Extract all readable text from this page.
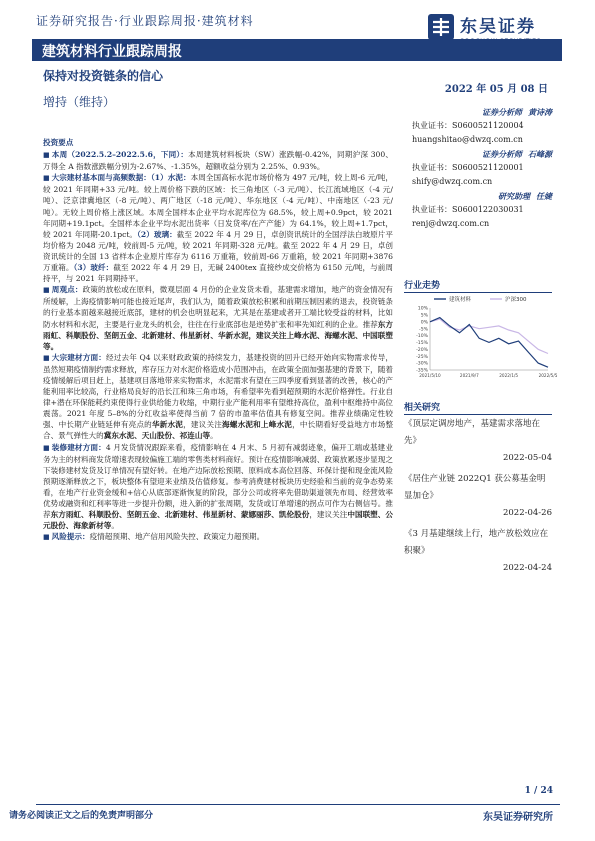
证券研究报告·行业跟踪周报·建筑材料	东吴证券
建筑材料行业跟踪周报
保持对投资链条的信心
增持（维持）
2022 年 05 月 08 日
证券分析师 黄诗涛
执业证书：S0600521120004
huangshitao@dwzq.com.cn
证券分析师 石峰源
执业证书：S0600521120001
shify@dwzq.com.cn
研究助理 任婕
执业证书：S0600122030031
renj@dwzq.com.cn
行业走势
建筑材料	沪深300
10%
5%
0%
-5%
-10%
-15%
-20%
-25%
-30%
-35%
2021/5/10	2021/9/7	2022/1/5	2022/5/5
相关研究
《顶层定调房地产，基建需求落地在先》
2022-05-04
《居住产业链 2022Q1 获公募基金明显加仓》
2022-04-26
《3 月基建继续上行，地产放松效应在积聚》
2022-04-24
投资要点
■ 本周（2022.5.2–2022.5.6，下同）：本周建筑材料板块（SW）涨跌幅-0.42%，同期沪深 300、万得全 A 指数涨跌幅分别为-2.67%、-1.35%，超额收益分别为 2.25%、0.93%。
■ 大宗建材基本面与高频数据：（1）水泥：本周全国高标水泥市场价格为 497 元/吨，较上周-6 元/吨，较 2021 年同期+33 元/吨。较上周价格下跌的区域：长三角地区（-3 元/吨）、长江流域地区（-4 元/吨）、泛京津冀地区（-8 元/吨）、两广地区（-18 元/吨）、华东地区（-4 元/吨）、中南地区（-23 元/吨）。无较上周价格上涨区域。本周全国样本企业平均水泥库位为 68.5%，较上周+0.9pct，较 2021 年同期+19.1pct。全国样本企业平均水泥出货率（日发货率/在产产能）为 64.1%，较上周+1.7pct，较 2021 年同期-20.1pct。（2）玻璃：截至 2022 年 4 月 29 日，卓创资讯统计的全国浮法白玻原片平均价格为 2048 元/吨，较前周-5 元/吨，较 2021 年同期-328 元/吨。截至 2022 年 4 月 29 日，卓创资讯统计的全国 13 省样本企业原片库存为 6116 万重箱，较前周-66 万重箱，较 2021 年同期+3876 万重箱。（3）玻纤：截至 2022 年 4 月 29 日，无碱 2400tex 直接纱成交价格为 6150 元/吨，与前周持平，与 2021 年同期持平。
■ 周观点：政策的放松或在原料，微观层面 4 月份的企业发货未看，基建需求增加，地产的资金情况有所缓解，上海疫情影响可能也接近尾声，我们认为，随着政策放松积累和前期压制因素的退去，投资链条的行业基本面越来越接近底部，建材的机会也明显起来，尤其是在基建或者开工端比较受益的材料，比如防水材料和水泥，主要是行业龙头的机会，往往在行业底部也是逆势扩张和率先知红利的企业。推荐东方雨虹、科顺股份、坚朗五金、北新建材、伟星新材、华新水泥，建议关注上峰水泥、海螺水泥、中国联塑等。
■ 大宗建材方面：经过去年 Q4 以来财政政策的持续发力，基建投资的回升已经开始向实物需求传导，虽然短期疫情制约需求释放，库存压力对水泥价格造成小范围冲击，在政策全面加强基建的背景下，随着疫情缓解后项目赶上，基建项目落地带来实物需求，水泥需求有望在三四季度看到显著的改善，核心的产能利用率比较高，行业格局良好的沿长江和珠三角市场，有希望率先看到超预期的水泥价格弹性。行业自律+潜在环保能耗约束使得行业供给能力收缩，中期行业产能利用率有望维持高位，盈利中枢维持中高位震荡。2021 年度 5–8%的分红收益率使得当前 7 倍的市盈率估值具有修复空间。推荐业绩确定性较强、中长期产业链延伸有亮点的华新水泥，建议关注海螺水泥和上峰水泥，中长期看好受益地方市场整合、景气弹性大的冀东水泥、天山股份、祁连山等。
■ 装修建材方面：4 月发货情况跟踪来看，疫情影响在 4 月末、5 月初有减弱迹象，偏开工端或基建业务为主的材料商发货增速表现较偏施工端的零售类材料商好。预计在疫情影响减弱、政策放累逐步显现之下装修建材发货及订单情况有望好转。在地产边际放松预期、原料成本高位回落、环保计提和现金流风险预期逐渐释放之下，板块整体有望迎来业绩及估值修复。参考消费建材板块历史经验和当前的竞争态势来看，在地产行业资金缓和+信心从底部逐渐恢复的阶段，部分公司或将率先借助渠道领先布局、经营效率优势或融资和红利率等进一步提升份额，进入新的扩张周期，发货或订单增速的拐点可作为右侧信号。推荐东方雨虹、科顺股份、坚朗五金、北新建材、伟星新材、蒙娜丽莎、凯伦股份，建议关注中国联塑、公元股份、海象新材等。
■ 风险提示：疫情超预期、地产信用风险失控、政策定力超预期。
1 / 24
请务必阅读正文之后的免责声明部分	东吴证券研究所
